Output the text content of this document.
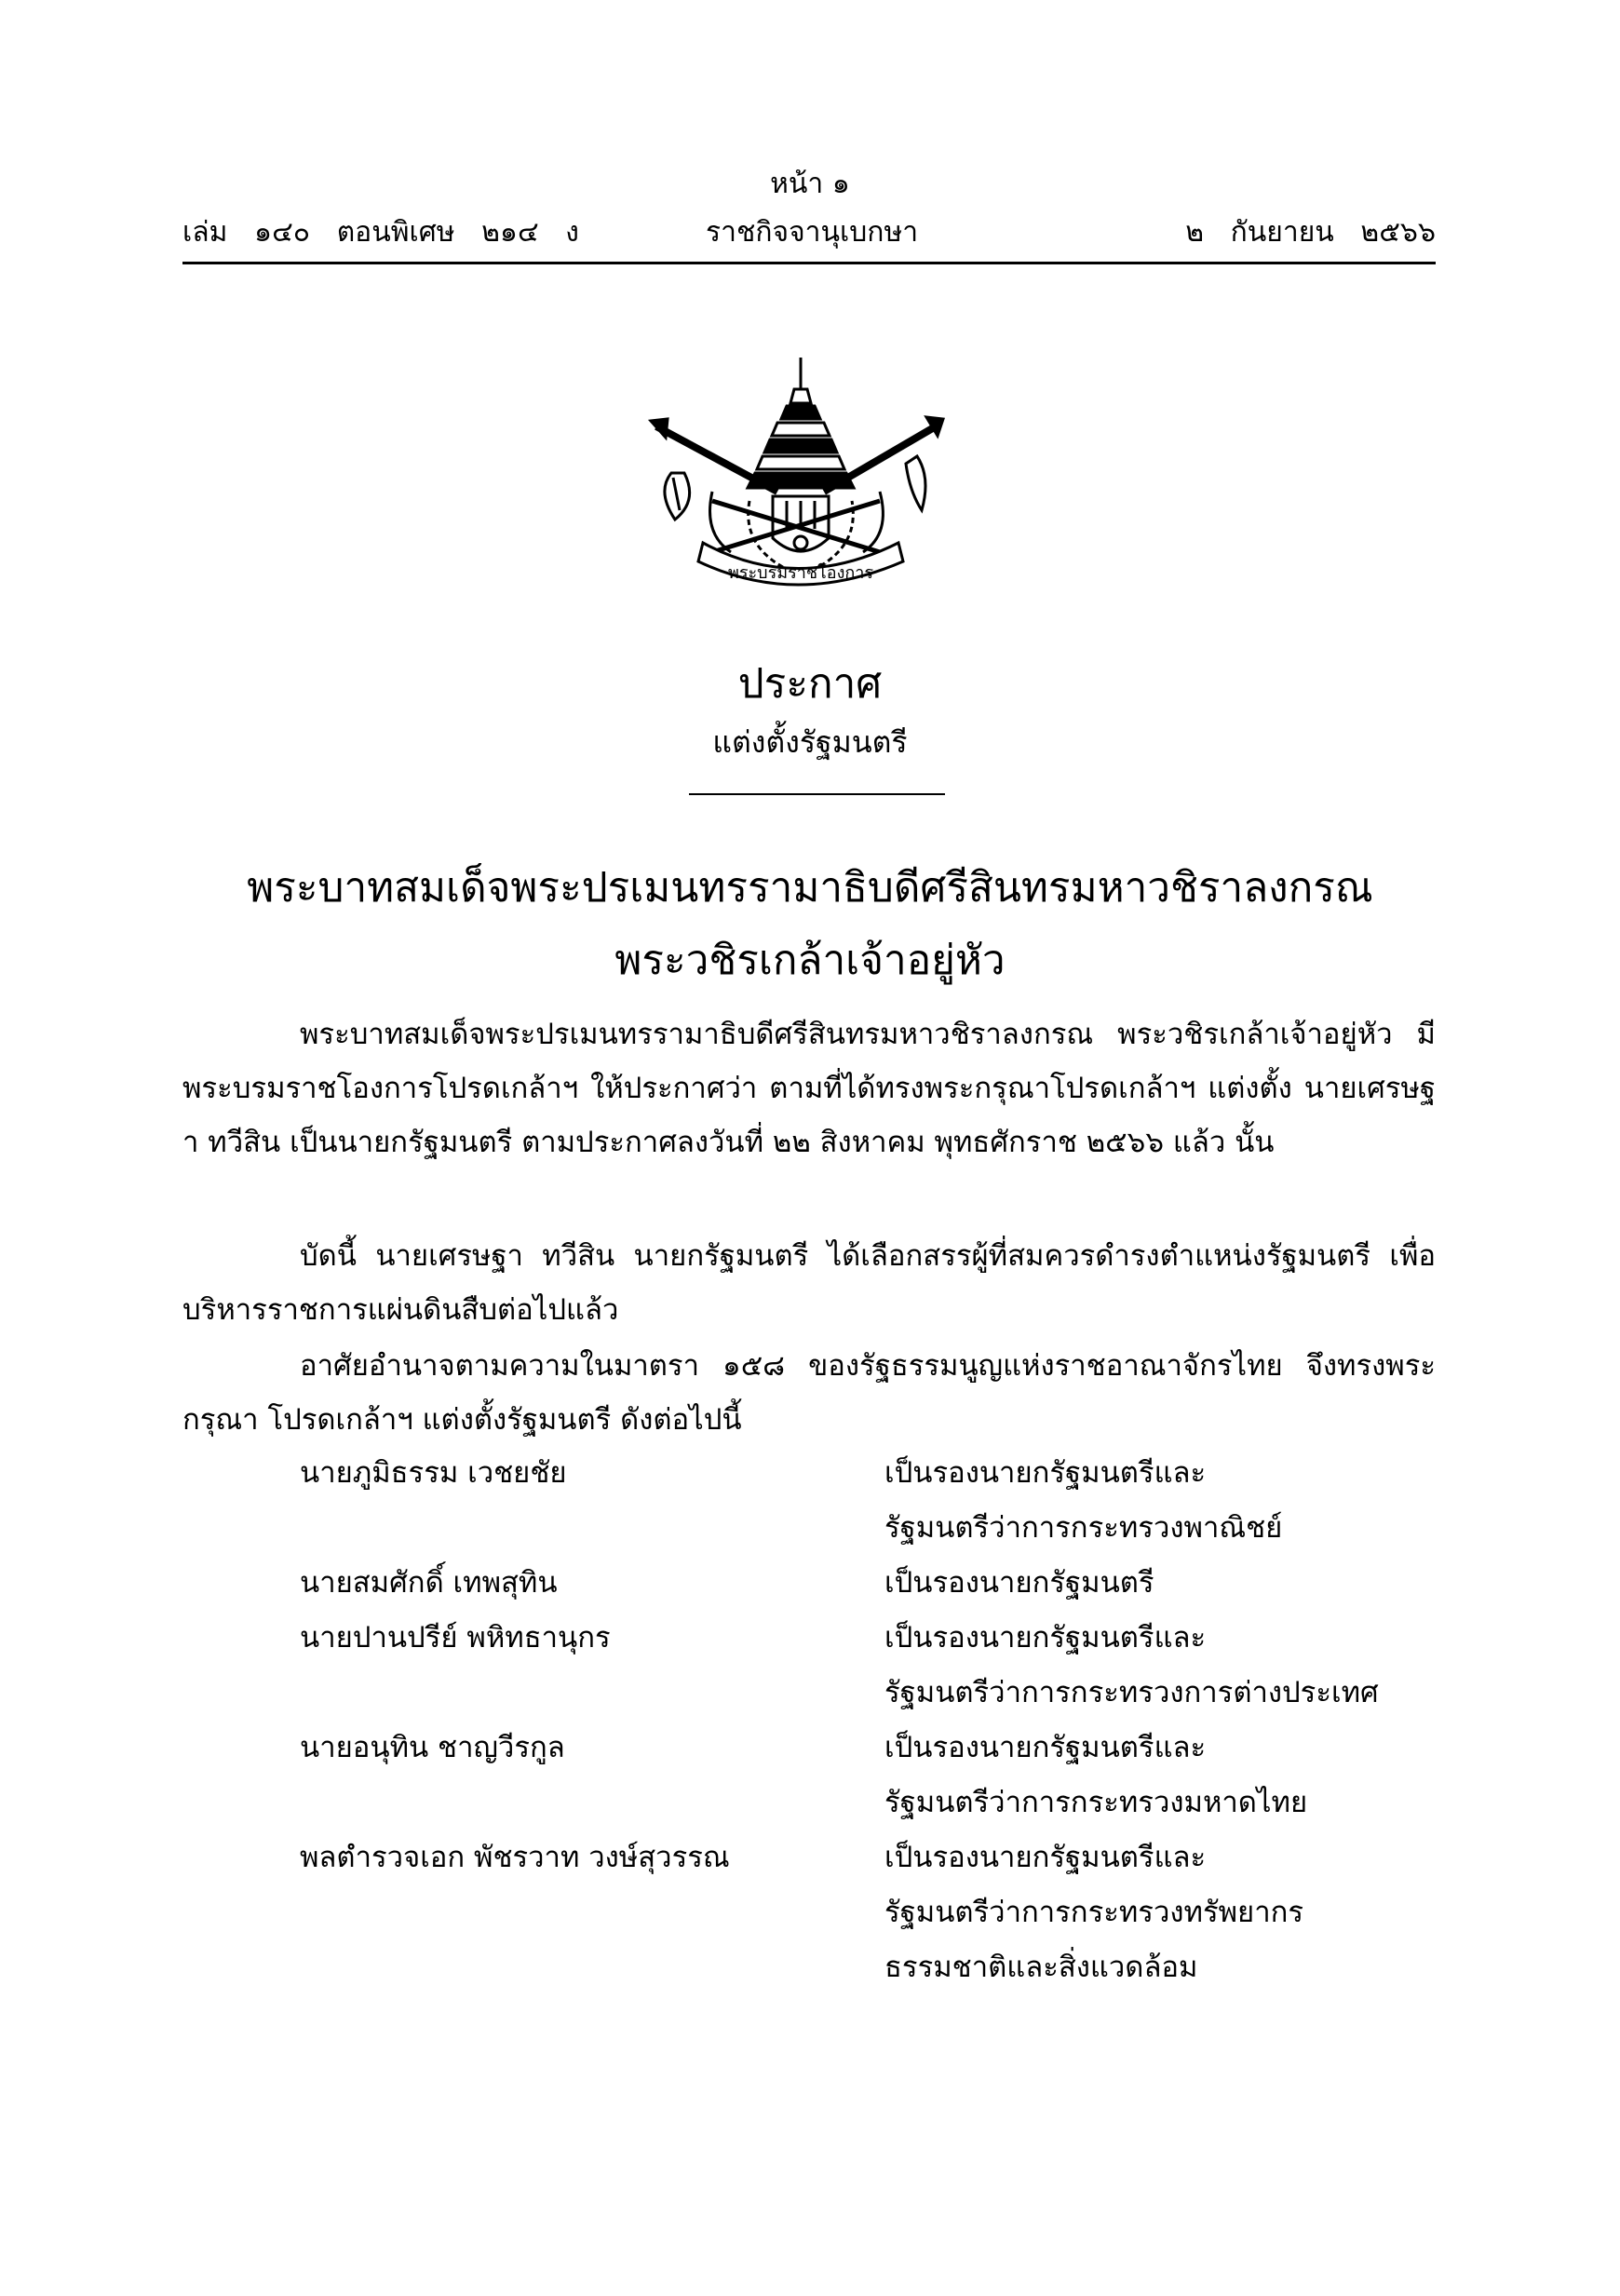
หน้า ๑
เล่ม   ๑๔๐   ตอนพิเศษ   ๒๑๔   ง	ราชกิจจานุเบกษา	๒   กันยายน   ๒๕๖๖
พระบรมราชโองการ
ประกาศ
แต่งตั้งรัฐมนตรี
พระบาทสมเด็จพระปรเมนทรรามาธิบดีศรีสินทรมหาวชิราลงกรณ
พระวชิรเกล้าเจ้าอยู่หัว
พระบาทสมเด็จพระปรเมนทรรามาธิบดีศรีสินทรมหาวชิราลงกรณ พระวชิรเกล้าเจ้าอยู่หัว มีพระบรมราชโองการโปรดเกล้าฯ ให้ประกาศว่า ตามที่ได้ทรงพระกรุณาโปรดเกล้าฯ แต่งตั้ง นายเศรษฐา ทวีสิน เป็นนายกรัฐมนตรี ตามประกาศลงวันที่ ๒๒ สิงหาคม พุทธศักราช ๒๕๖๖ แล้ว นั้น
บัดนี้ นายเศรษฐา ทวีสิน นายกรัฐมนตรี ได้เลือกสรรผู้ที่สมควรดำรงตำแหน่งรัฐมนตรี เพื่อบริหารราชการแผ่นดินสืบต่อไปแล้ว
อาศัยอำนาจตามความในมาตรา ๑๕๘ ของรัฐธรรมนูญแห่งราชอาณาจักรไทย จึงทรงพระกรุณา โปรดเกล้าฯ แต่งตั้งรัฐมนตรี ดังต่อไปนี้
นายภูมิธรรม เวชยชัย	เป็นรองนายกรัฐมนตรีและ
รัฐมนตรีว่าการกระทรวงพาณิชย์
นายสมศักดิ์ เทพสุทิน	เป็นรองนายกรัฐมนตรี
นายปานปรีย์ พหิทธานุกร	เป็นรองนายกรัฐมนตรีและ
รัฐมนตรีว่าการกระทรวงการต่างประเทศ
นายอนุทิน ชาญวีรกูล	เป็นรองนายกรัฐมนตรีและ
รัฐมนตรีว่าการกระทรวงมหาดไทย
พลตำรวจเอก พัชรวาท วงษ์สุวรรณ	เป็นรองนายกรัฐมนตรีและ
รัฐมนตรีว่าการกระทรวงทรัพยากร
ธรรมชาติและสิ่งแวดล้อม
